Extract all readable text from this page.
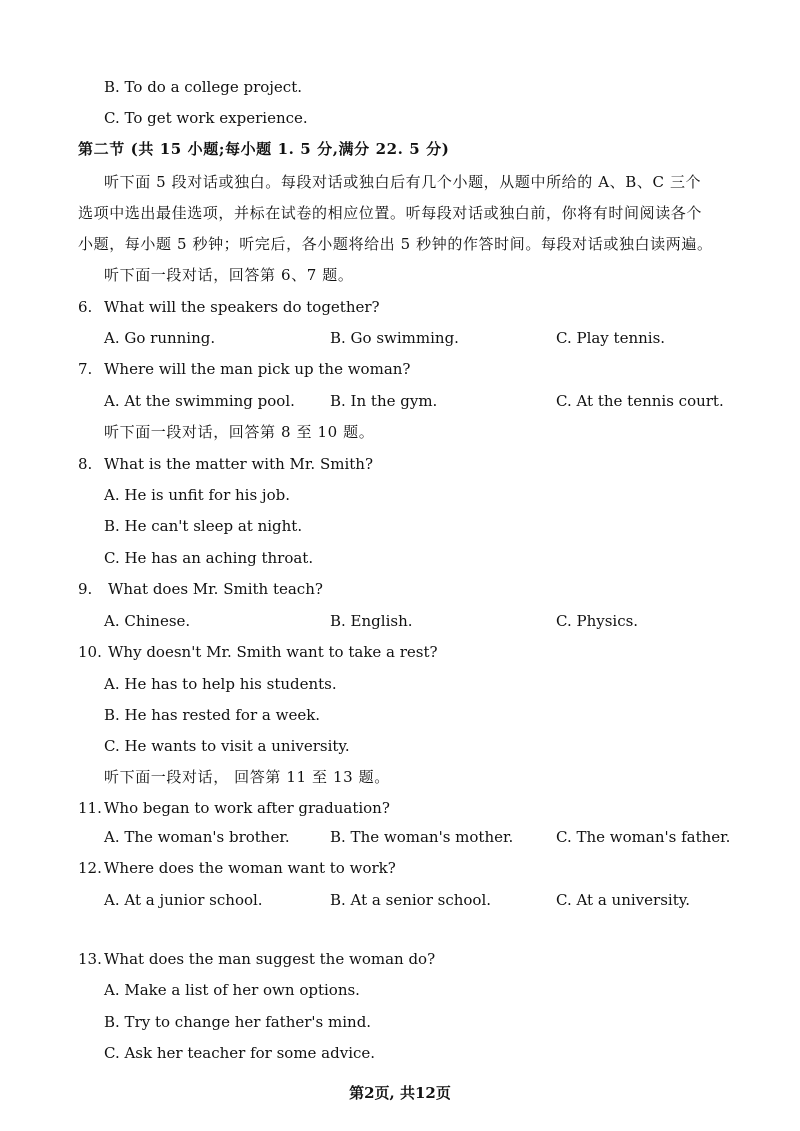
B. To do a college project.
C. To get work experience.
第二节 (共 15 小题;每小题 1. 5 分,满分 22. 5 分)
听下面 5 段对话或独白。每段对话或独白后有几个小题，从题中所给的 A、B、C 三个
选项中选出最佳选项，并标在试卷的相应位置。听每段对话或独白前，你将有时间阅读各个
小题，每小题 5 秒钟；听完后，各小题将给出 5 秒钟的作答时间。每段对话或独白读两遍。
听下面一段对话，回答第 6、7 题。
6. What will the speakers do together?
A. Go running.	B. Go swimming.	C. Play tennis.
7. Where will the man pick up the woman?
A. At the swimming pool. B. In the gym.	C. At the tennis court.
听下面一段对话，回答第 8 至 10 题。
8. What is the matter with Mr. Smith?
A. He is unfit for his job.
B. He can't sleep at night.
C. He has an aching throat.
9. What does Mr. Smith teach?
A. Chinese.	B. English.	C. Physics.
10. Why doesn't Mr. Smith want to take a rest?
A. He has to help his students.
B. He has rested for a week.
C. He wants to visit a university.
听下面一段对话， 回答第 11 至 13 题。
11. Who began to work after graduation?
A. The woman's brother.	B. The woman's mother.	C. The woman's father.
12. Where does the woman want to work?
A. At a junior school.	B. At a senior school.	C. At a university.
13. What does the man suggest the woman do?
A. Make a list of her own options.
B. Try to change her father's mind.
C. Ask her teacher for some advice.
第2页, 共12页
